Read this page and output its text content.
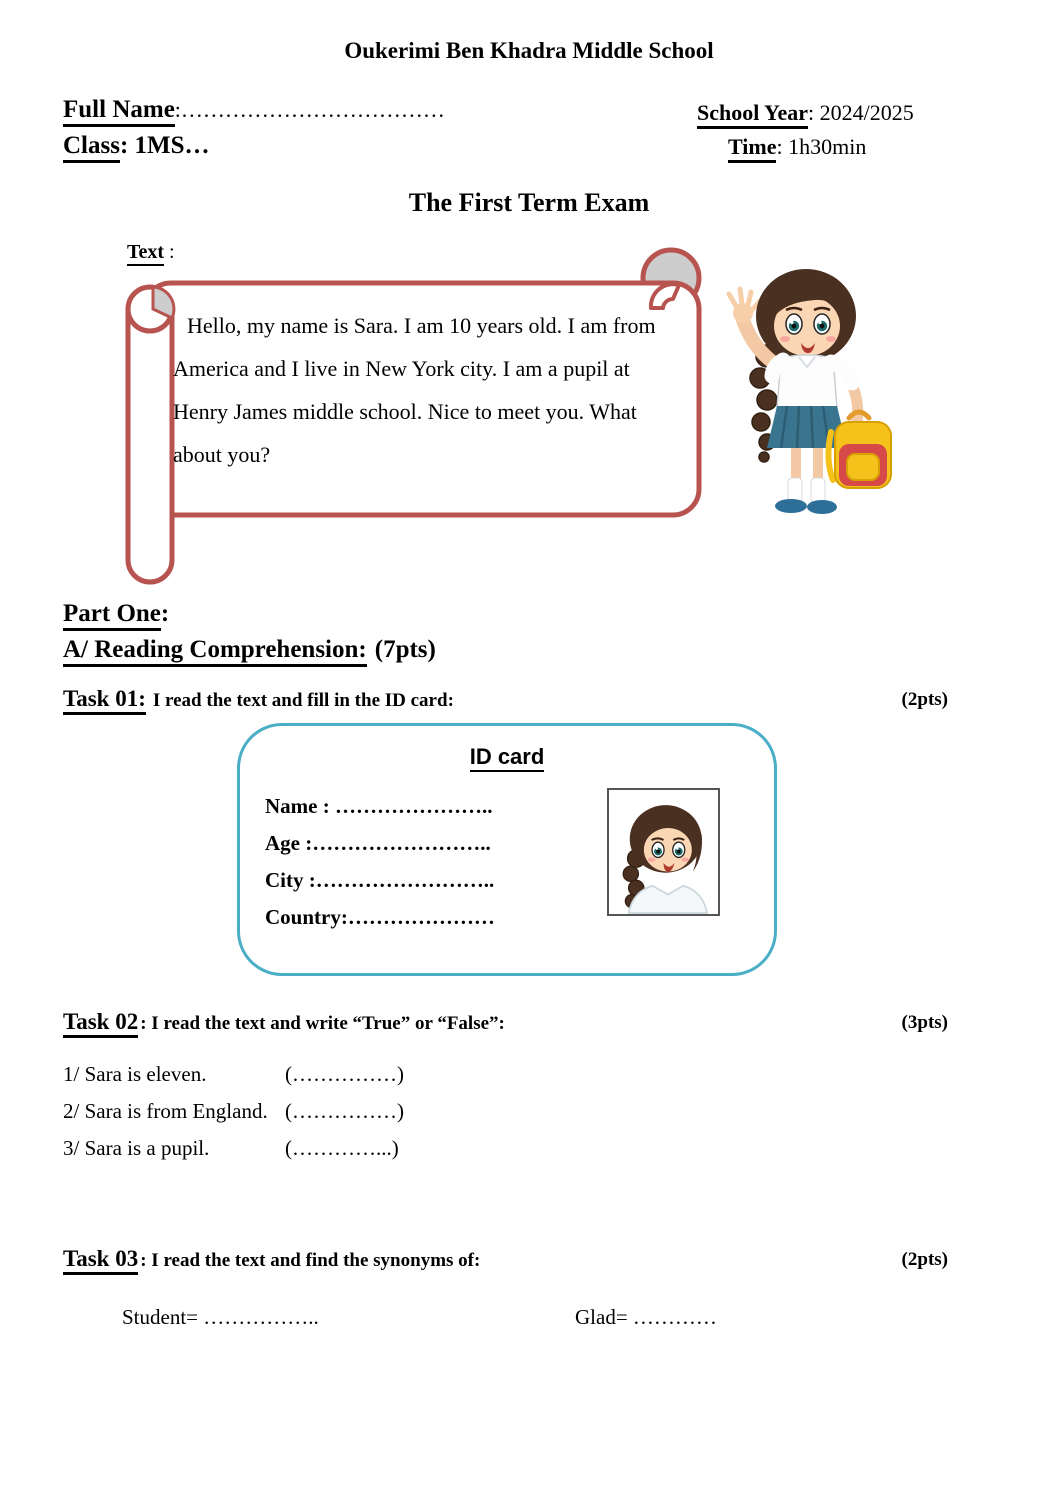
Oukerimi Ben Khadra Middle School
Full Name:………………………………	School Year: 2024/2025
Class: 1MS…	Time: 1h30min
The First Term Exam
Text :
Hello, my name is Sara. I am 10 years old. I am from America and I live in New York city. I am a pupil at Henry James middle school. Nice to meet you. What about you?
Part One:
A/ Reading Comprehension: (7pts)
Task 01: I read the text and fill in the ID card:	(2pts)
ID card
Name : …………………..
Age :……………………..
City :……………………..
Country:…………………
Task 02 : I read the text and write “True” or “False”:	(3pts)
1/ Sara is eleven.	(……………)
2/ Sara is from England. (……………)
3/ Sara is a pupil.	(…………...)
Task 03 : I read the text and find the synonyms of:	(2pts)
Student= ……………..	Glad= …………
